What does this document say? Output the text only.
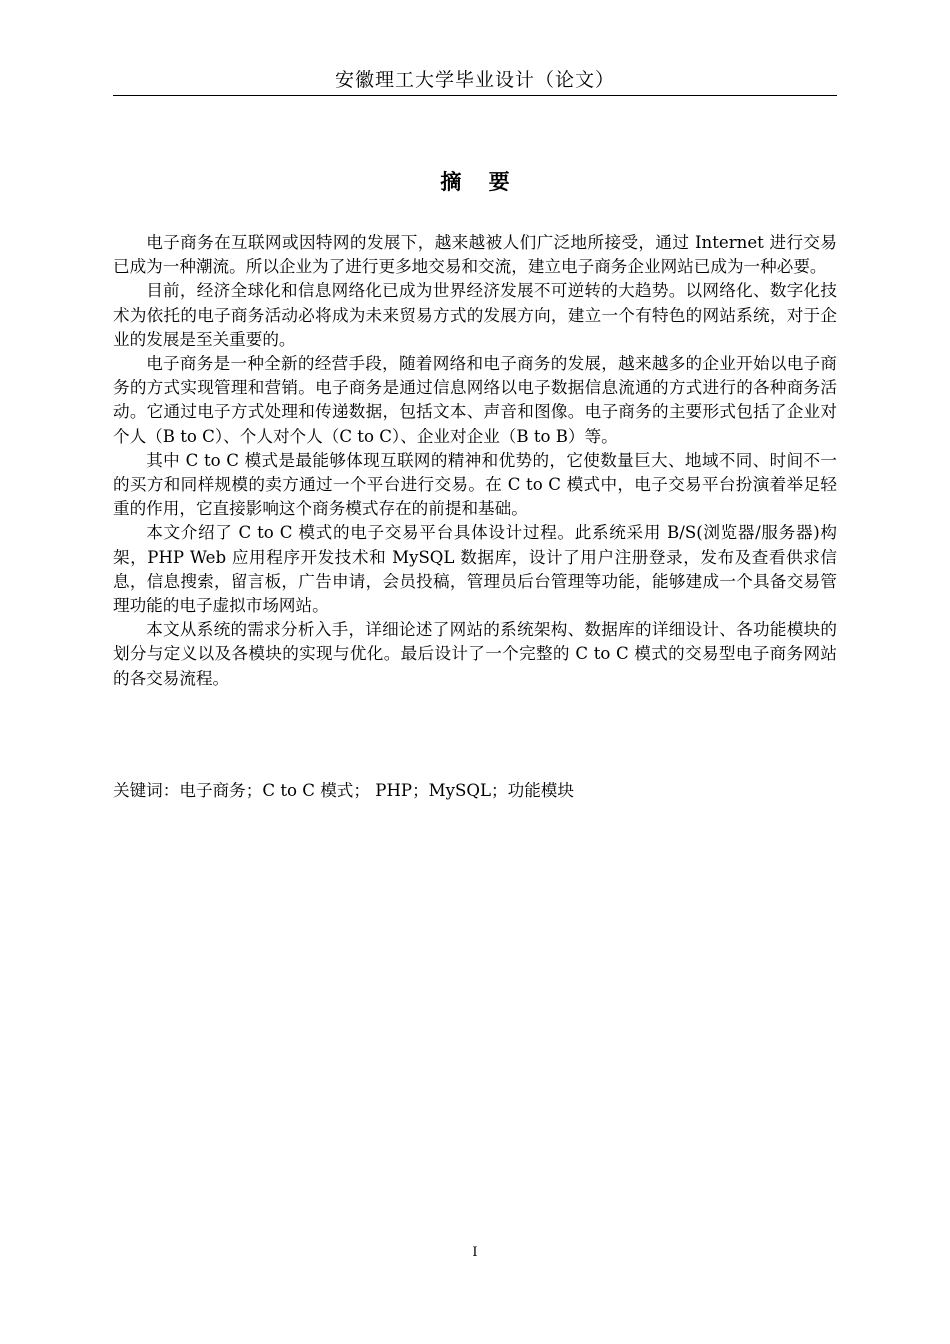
安徽理工大学毕业设计（论文）
摘 要

电子商务在互联网或因特网的发展下，越来越被人们广泛地所接受，通过 Internet 进行交易已成为一种潮流。所以企业为了进行更多地交易和交流，建立电子商务企业网站已成为一种必要。

目前，经济全球化和信息网络化已成为世界经济发展不可逆转的大趋势。以网络化、数字化技术为依托的电子商务活动必将成为未来贸易方式的发展方向，建立一个有特色的网站系统，对于企业的发展是至关重要的。

电子商务是一种全新的经营手段，随着网络和电子商务的发展，越来越多的企业开始以电子商务的方式实现管理和营销。电子商务是通过信息网络以电子数据信息流通的方式进行的各种商务活动。它通过电子方式处理和传递数据，包括文本、声音和图像。电子商务的主要形式包括了企业对个人（B to C）、个人对个人（C to C）、企业对企业（B to B）等。

其中 C to C 模式是最能够体现互联网的精神和优势的，它使数量巨大、地域不同、时间不一的买方和同样规模的卖方通过一个平台进行交易。在 C to C 模式中，电子交易平台扮演着举足轻重的作用，它直接影响这个商务模式存在的前提和基础。

本文介绍了 C to C 模式的电子交易平台具体设计过程。此系统采用 B/S(浏览器/服务器)构架，PHP Web 应用程序开发技术和 MySQL 数据库，设计了用户注册登录，发布及查看供求信息，信息搜索，留言板，广告申请，会员投稿，管理员后台管理等功能，能够建成一个具备交易管理功能的电子虚拟市场网站。

本文从系统的需求分析入手，详细论述了网站的系统架构、数据库的详细设计、各功能模块的划分与定义以及各模块的实现与优化。最后设计了一个完整的 C to C 模式的交易型电子商务网站的各交易流程。

关键词：电子商务；C to C 模式； PHP；MySQL；功能模块
I
